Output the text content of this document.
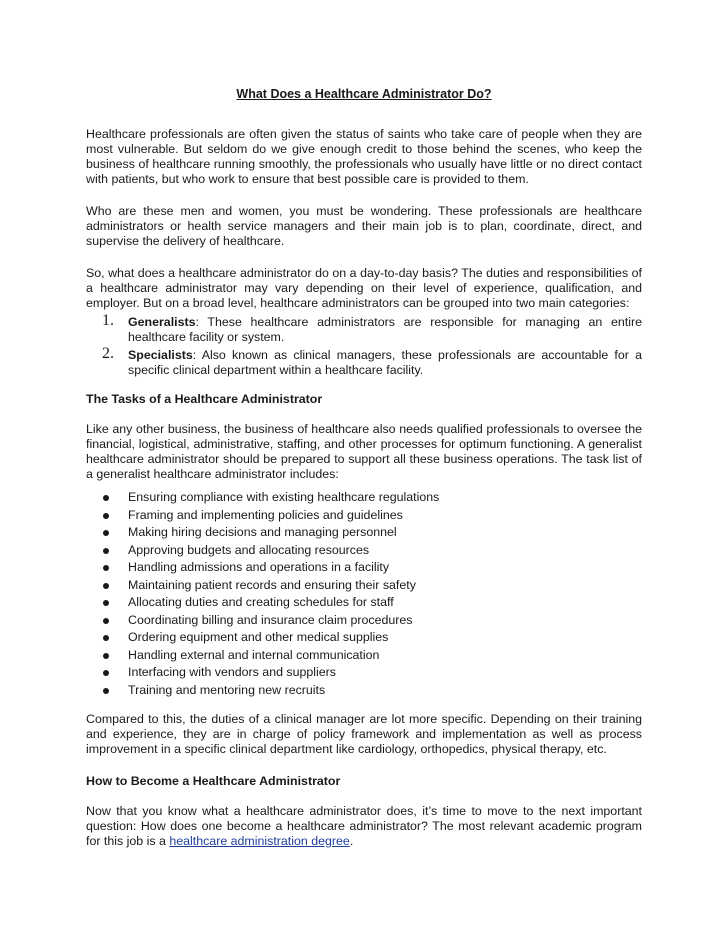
What Does a Healthcare Administrator Do?

Healthcare professionals are often given the status of saints who take care of people when they are most vulnerable. But seldom do we give enough credit to those behind the scenes, who keep the business of healthcare running smoothly, the professionals who usually have little or no direct contact with patients, but who work to ensure that best possible care is provided to them.

Who are these men and women, you must be wondering. These professionals are healthcare administrators or health service managers and their main job is to plan, coordinate, direct, and supervise the delivery of healthcare.

So, what does a healthcare administrator do on a day-to-day basis? The duties and responsibilities of a healthcare administrator may vary depending on their level of experience, qualification, and employer. But on a broad level, healthcare administrators can be grouped into two main categories:

1. Generalists: These healthcare administrators are responsible for managing an entire healthcare facility or system.
2. Specialists: Also known as clinical managers, these professionals are accountable for a specific clinical department within a healthcare facility.
The Tasks of a Healthcare Administrator

Like any other business, the business of healthcare also needs qualified professionals to oversee the financial, logistical, administrative, staffing, and other processes for optimum functioning. A generalist healthcare administrator should be prepared to support all these business operations. The task list of a generalist healthcare administrator includes:

Ensuring compliance with existing healthcare regulations
Framing and implementing policies and guidelines
Making hiring decisions and managing personnel
Approving budgets and allocating resources
Handling admissions and operations in a facility
Maintaining patient records and ensuring their safety
Allocating duties and creating schedules for staff
Coordinating billing and insurance claim procedures
Ordering equipment and other medical supplies
Handling external and internal communication
Interfacing with vendors and suppliers
Training and mentoring new recruits

Compared to this, the duties of a clinical manager are lot more specific. Depending on their training and experience, they are in charge of policy framework and implementation as well as process improvement in a specific clinical department like cardiology, orthopedics, physical therapy, etc.

How to Become a Healthcare Administrator

Now that you know what a healthcare administrator does, it’s time to move to the next important question: How does one become a healthcare administrator? The most relevant academic program for this job is a healthcare administration degree.
